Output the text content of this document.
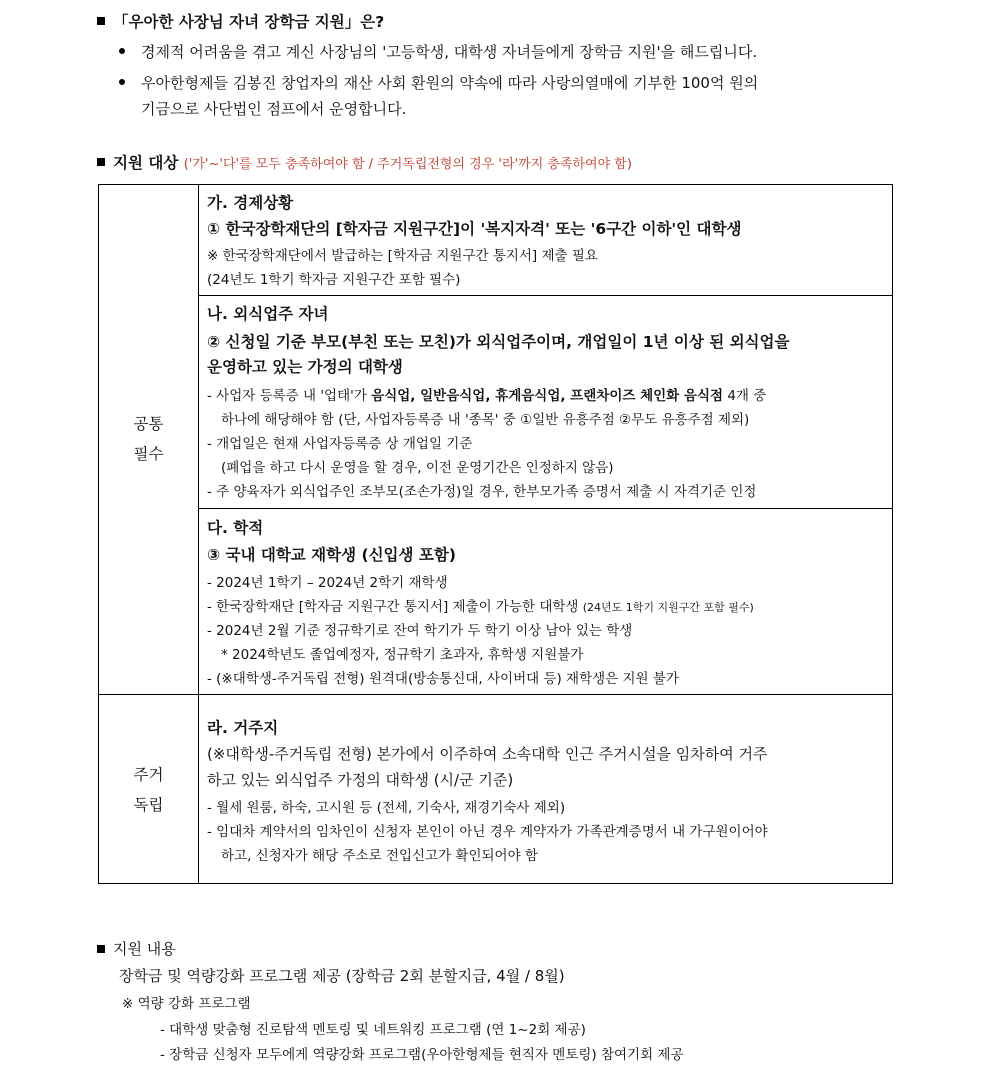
「우아한 사장님 자녀 장학금 지원」은?
경제적 어려움을 겪고 계신 사장님의 '고등학생, 대학생 자녀들에게 장학금 지원'을 해드립니다.
우아한형제들 김봉진 창업자의 재산 사회 환원의 약속에 따라 사랑의열매에 기부한 100억 원의
기금으로 사단법인 점프에서 운영합니다.
지원 대상 ('가'~'다'를 모두 충족하여야 함 / 주거독립전형의 경우 '라'까지 충족하여야 함)
공통
필수
주거
독립
가. 경제상황
① 한국장학재단의 [학자금 지원구간]이 '복지자격' 또는 '6구간 이하'인 대학생
※ 한국장학재단에서 발급하는 [학자금 지원구간 통지서] 제출 필요
(24년도 1학기 학자금 지원구간 포함 필수)
나. 외식업주 자녀
② 신청일 기준 부모(부친 또는 모친)가 외식업주이며, 개업일이 1년 이상 된 외식업을
운영하고 있는 가정의 대학생
- 사업자 등록증 내 '업태'가 음식업, 일반음식업, 휴게음식업, 프랜차이즈 체인화 음식점 4개 중
하나에 해당해야 함 (단, 사업자등록증 내 '종목' 중 ①일반 유흥주점 ②무도 유흥주점 제외)
- 개업일은 현재 사업자등록증 상 개업일 기준
(폐업을 하고 다시 운영을 할 경우, 이전 운영기간은 인정하지 않음)
- 주 양육자가 외식업주인 조부모(조손가정)일 경우, 한부모가족 증명서 제출 시 자격기준 인정
다. 학적
③ 국내 대학교 재학생 (신입생 포함)
- 2024년 1학기 – 2024년 2학기 재학생
- 한국장학재단 [학자금 지원구간 통지서] 제출이 가능한 대학생 (24년도 1학기 지원구간 포함 필수)
- 2024년 2월 기준 정규학기로 잔여 학기가 두 학기 이상 남아 있는 학생
* 2024학년도 졸업예정자, 정규학기 초과자, 휴학생 지원불가
- (※대학생-주거독립 전형) 원격대(방송통신대, 사이버대 등) 재학생은 지원 불가
라. 거주지
(※대학생-주거독립 전형) 본가에서 이주하여 소속대학 인근 주거시설을 임차하여 거주
하고 있는 외식업주 가정의 대학생 (시/군 기준)
- 월세 원룸, 하숙, 고시원 등 (전세, 기숙사, 재경기숙사 제외)
- 임대차 계약서의 임차인이 신청자 본인이 아닌 경우 계약자가 가족관계증명서 내 가구원이어야
하고, 신청자가 해당 주소로 전입신고가 확인되어야 함
지원 내용
장학금 및 역량강화 프로그램 제공 (장학금 2회 분할지급, 4월 / 8월)
※ 역량 강화 프로그램
- 대학생 맞춤형 진로탐색 멘토링 및 네트워킹 프로그램 (연 1~2회 제공)
- 장학금 신청자 모두에게 역량강화 프로그램(우아한형제들 현직자 멘토링) 참여기회 제공
